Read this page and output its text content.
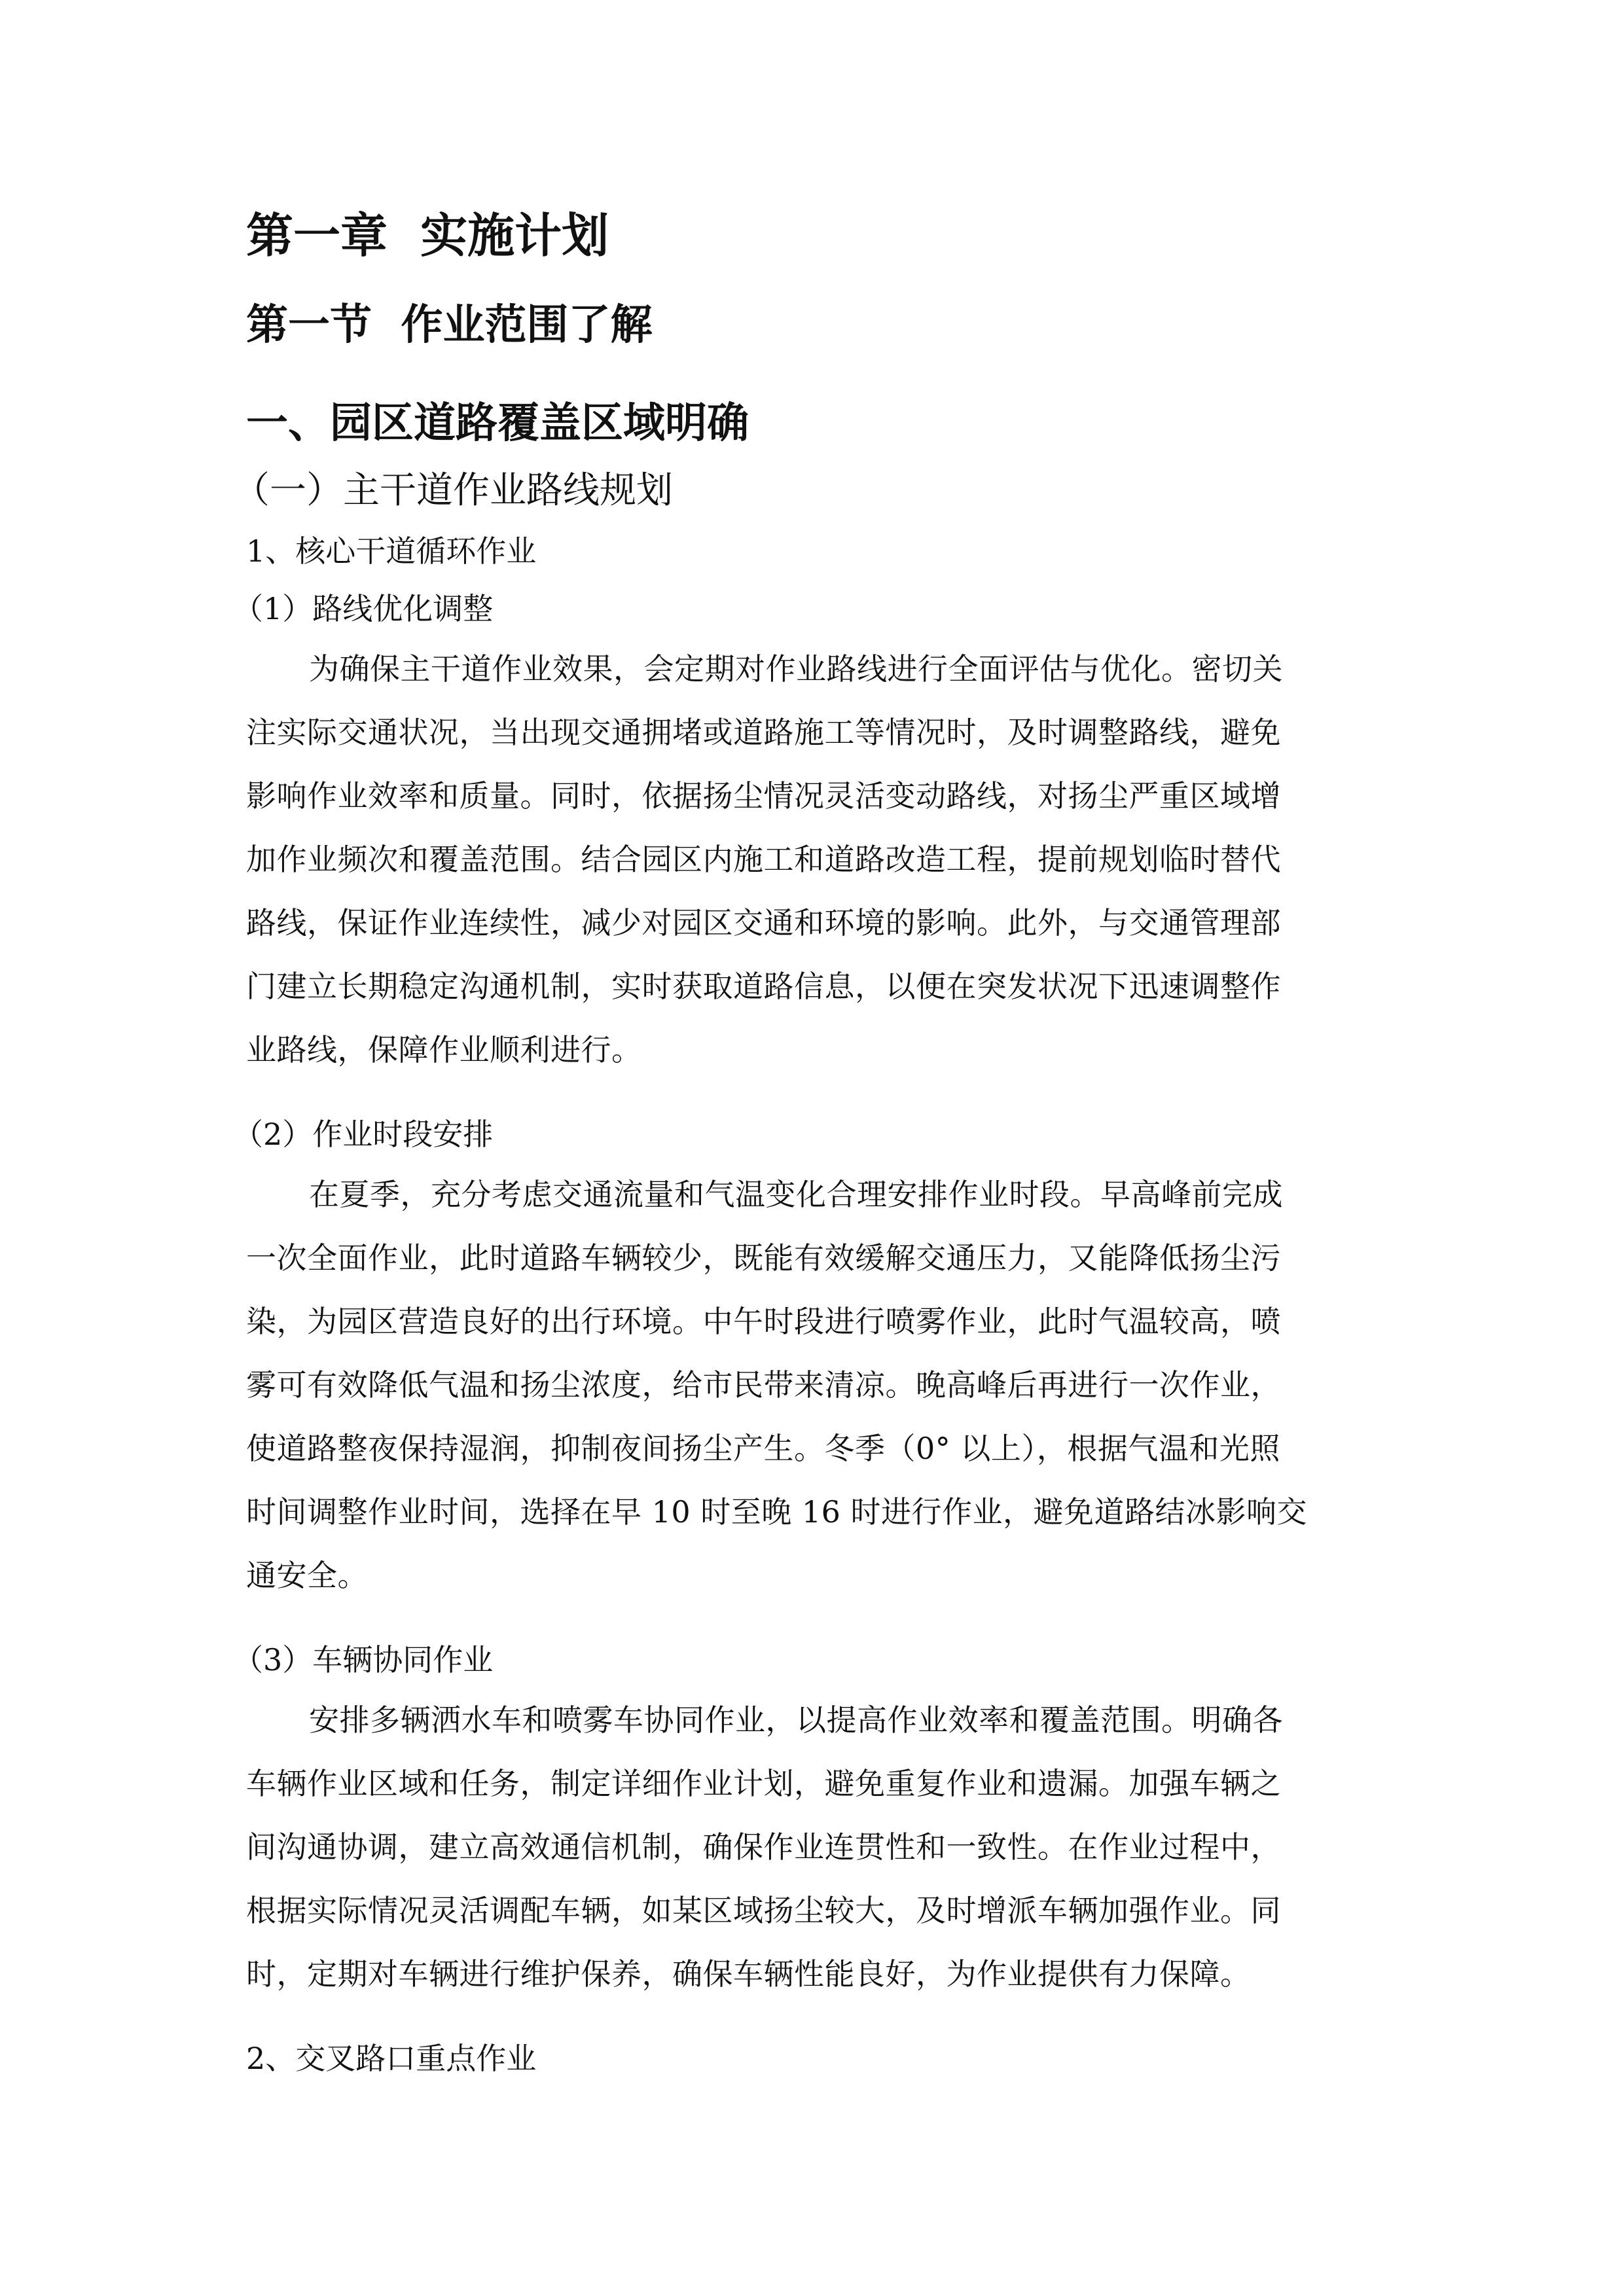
第一章  实施计划
第一节  作业范围了解
一、园区道路覆盖区域明确
（一）主干道作业路线规划
1、核心干道循环作业
（1）路线优化调整

为确保主干道作业效果，会定期对作业路线进行全面评估与优化。密切关
注实际交通状况，当出现交通拥堵或道路施工等情况时，及时调整路线，避免
影响作业效率和质量。同时，依据扬尘情况灵活变动路线，对扬尘严重区域增
加作业频次和覆盖范围。结合园区内施工和道路改造工程，提前规划临时替代
路线，保证作业连续性，减少对园区交通和环境的影响。此外，与交通管理部
门建立长期稳定沟通机制，实时获取道路信息，以便在突发状况下迅速调整作
业路线，保障作业顺利进行。

（2）作业时段安排

在夏季，充分考虑交通流量和气温变化合理安排作业时段。早高峰前完成
一次全面作业，此时道路车辆较少，既能有效缓解交通压力，又能降低扬尘污
染，为园区营造良好的出行环境。中午时段进行喷雾作业，此时气温较高，喷
雾可有效降低气温和扬尘浓度，给市民带来清凉。晚高峰后再进行一次作业，
使道路整夜保持湿润，抑制夜间扬尘产生。冬季（0° 以上），根据气温和光照
时间调整作业时间，选择在早 10 时至晚 16 时进行作业，避免道路结冰影响交
通安全。

（3）车辆协同作业

安排多辆洒水车和喷雾车协同作业，以提高作业效率和覆盖范围。明确各
车辆作业区域和任务，制定详细作业计划，避免重复作业和遗漏。加强车辆之
间沟通协调，建立高效通信机制，确保作业连贯性和一致性。在作业过程中，
根据实际情况灵活调配车辆，如某区域扬尘较大，及时增派车辆加强作业。同
时，定期对车辆进行维护保养，确保车辆性能良好，为作业提供有力保障。

2、交叉路口重点作业
